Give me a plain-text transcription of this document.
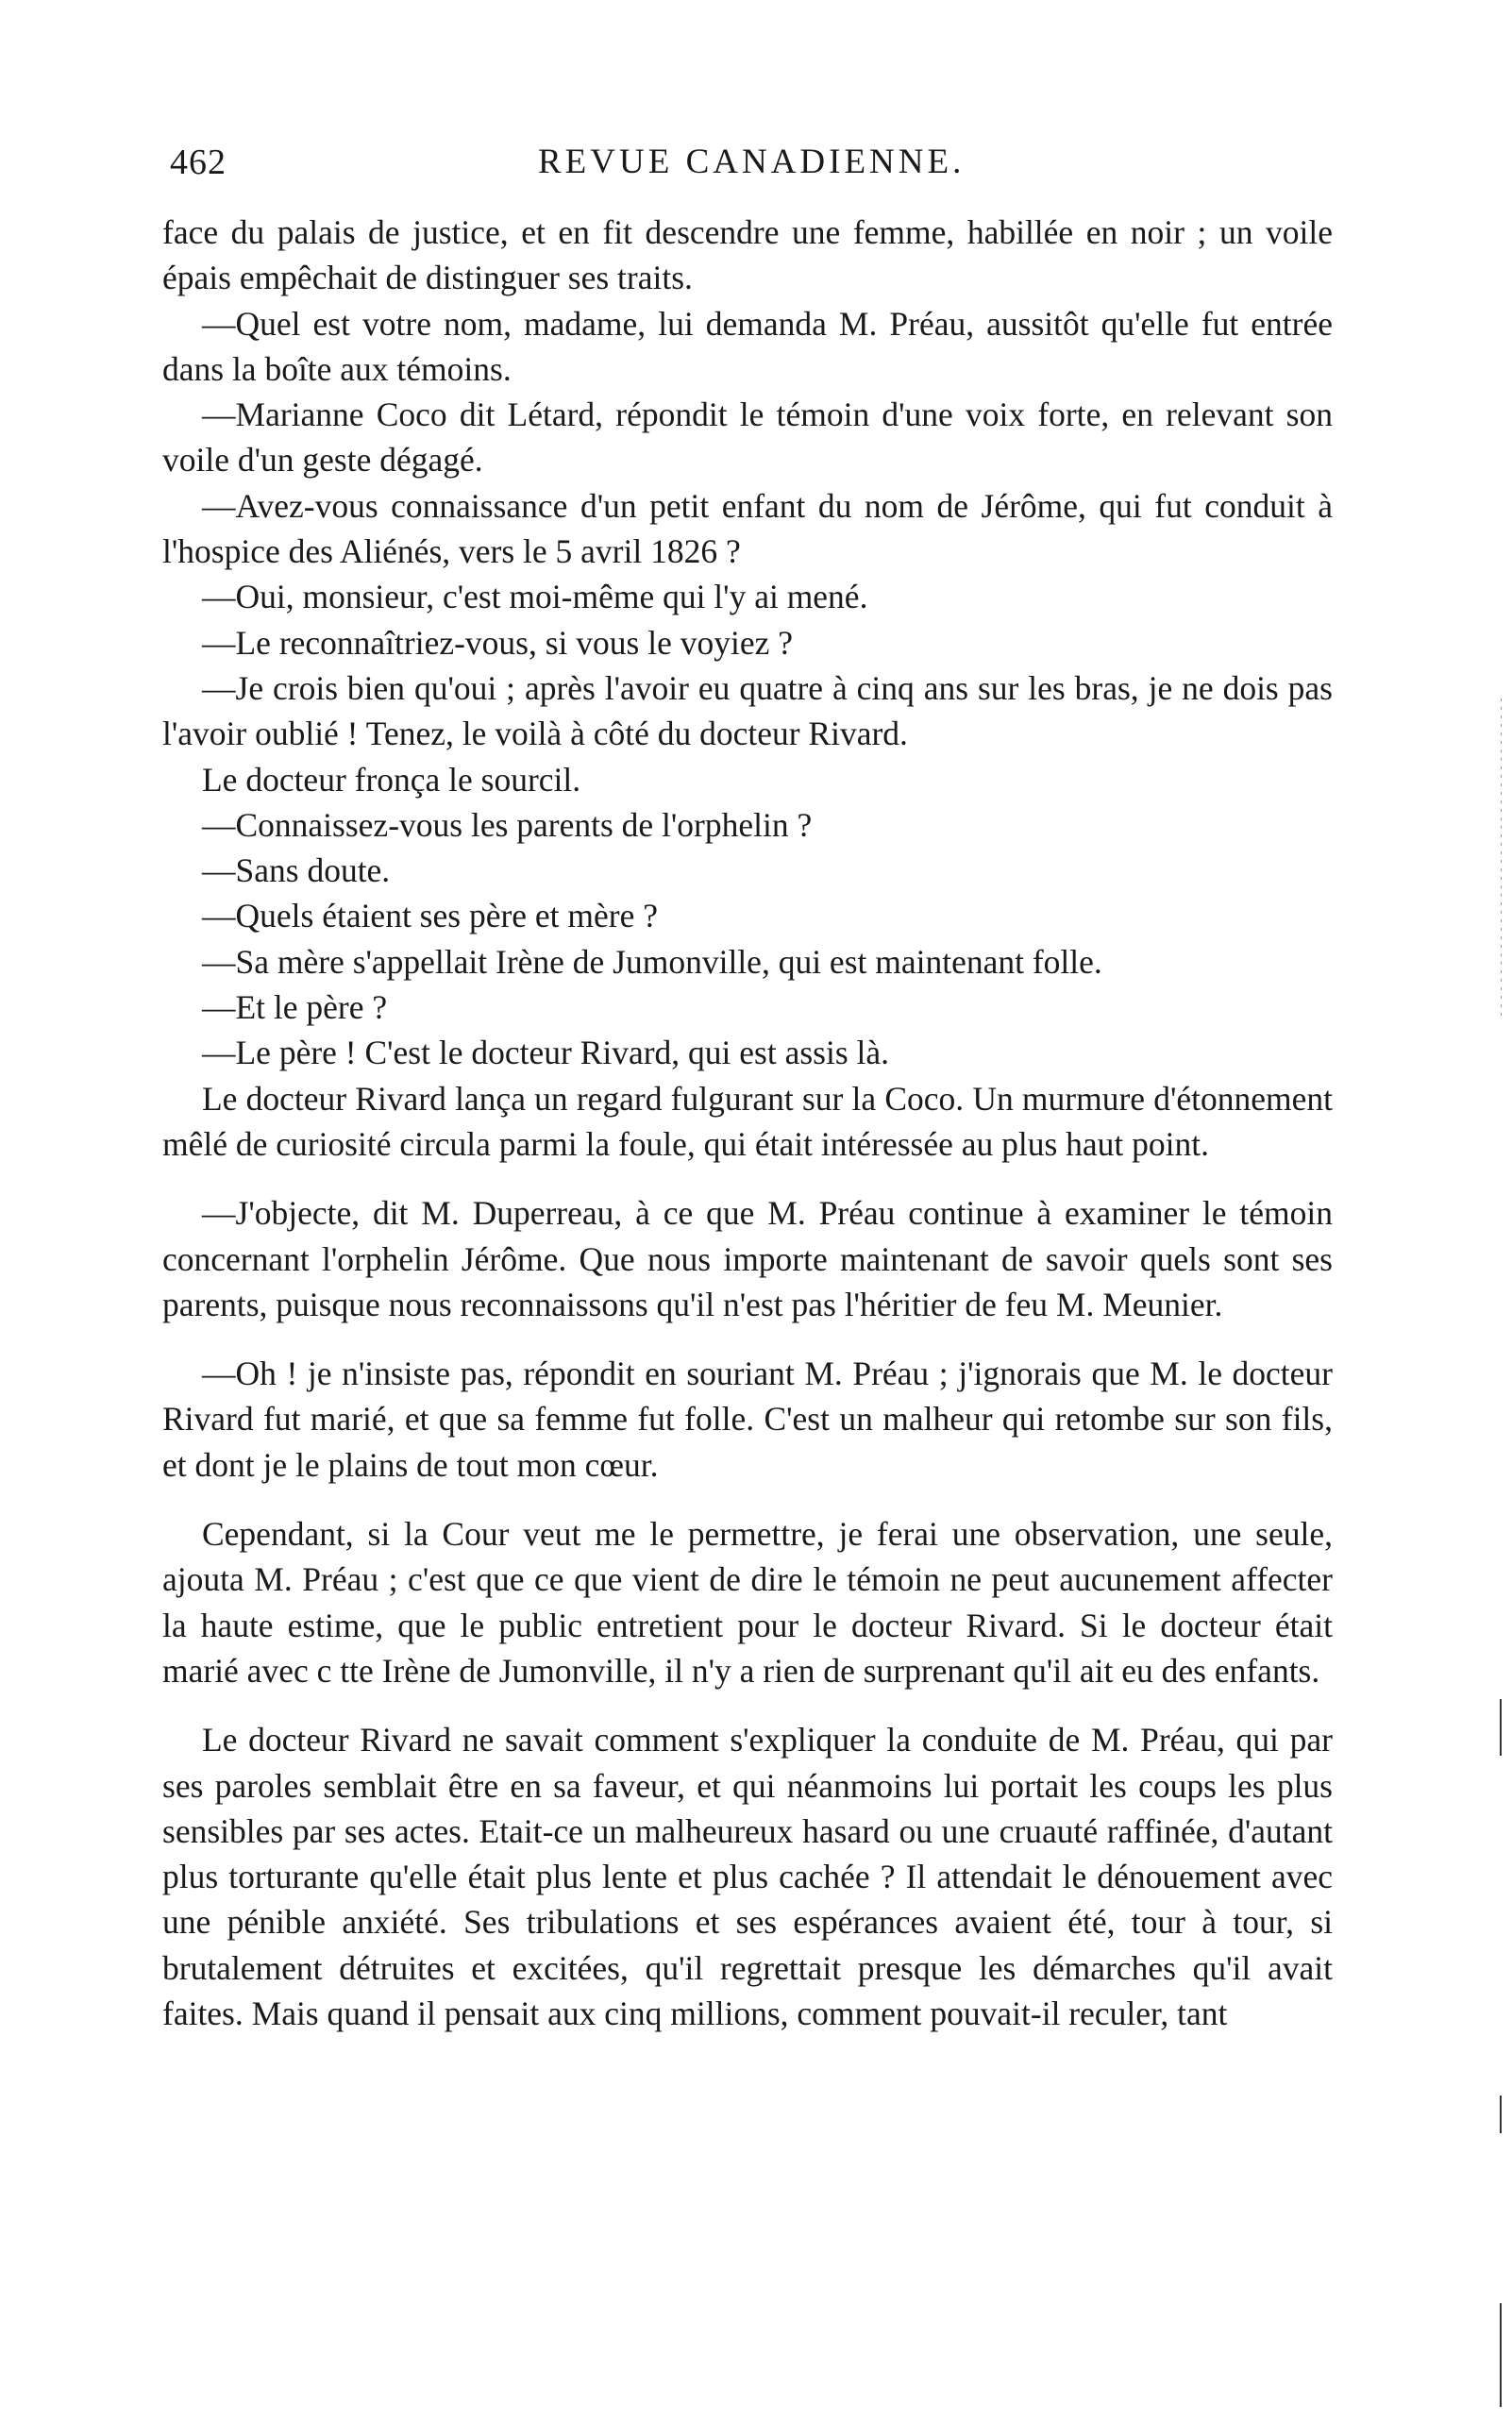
462	REVUE CANADIENNE.

face du palais de justice, et en fit descendre une femme, habillée en noir ; un voile épais empêchait de distinguer ses traits.

—Quel est votre nom, madame, lui demanda M. Préau, aussitôt qu'elle fut entrée dans la boîte aux témoins.

—Marianne Coco dit Létard, répondit le témoin d'une voix forte, en relevant son voile d'un geste dégagé.

—Avez-vous connaissance d'un petit enfant du nom de Jérôme, qui fut conduit à l'hospice des Aliénés, vers le 5 avril 1826 ?

—Oui, monsieur, c'est moi-même qui l'y ai mené.

—Le reconnaîtriez-vous, si vous le voyiez ?

—Je crois bien qu'oui ; après l'avoir eu quatre à cinq ans sur les bras, je ne dois pas l'avoir oublié ! Tenez, le voilà à côté du docteur Rivard.

Le docteur fronça le sourcil.

—Connaissez-vous les parents de l'orphelin ?

—Sans doute.

—Quels étaient ses père et mère ?

—Sa mère s'appellait Irène de Jumonville, qui est maintenant folle.

—Et le père ?

—Le père ! C'est le docteur Rivard, qui est assis là.

Le docteur Rivard lança un regard fulgurant sur la Coco. Un murmure d'étonnement mêlé de curiosité circula parmi la foule, qui était intéressée au plus haut point.

—J'objecte, dit M. Duperreau, à ce que M. Préau continue à examiner le témoin concernant l'orphelin Jérôme. Que nous importe maintenant de savoir quels sont ses parents, puisque nous reconnaissons qu'il n'est pas l'héritier de feu M. Meunier.

—Oh ! je n'insiste pas, répondit en souriant M. Préau ; j'ignorais que M. le docteur Rivard fut marié, et que sa femme fut folle. C'est un malheur qui retombe sur son fils, et dont je le plains de tout mon cœur.

Cependant, si la Cour veut me le permettre, je ferai une observation, une seule, ajouta M. Préau ; c'est que ce que vient de dire le témoin ne peut aucunement affecter la haute estime, que le public entretient pour le docteur Rivard. Si le docteur était marié avec c tte Irène de Jumonville, il n'y a rien de surprenant qu'il ait eu des enfants.

Le docteur Rivard ne savait comment s'expliquer la conduite de M. Préau, qui par ses paroles semblait être en sa faveur, et qui néanmoins lui portait les coups les plus sensibles par ses actes. Etait-ce un malheureux hasard ou une cruauté raffinée, d'autant plus torturante qu'elle était plus lente et plus cachée ? Il attendait le dénouement avec une pénible anxiété. Ses tribulations et ses espérances avaient été, tour à tour, si brutalement détruites et excitées, qu'il regrettait presque les démarches qu'il avait faites. Mais quand il pensait aux cinq millions, comment pouvait-il reculer, tant
